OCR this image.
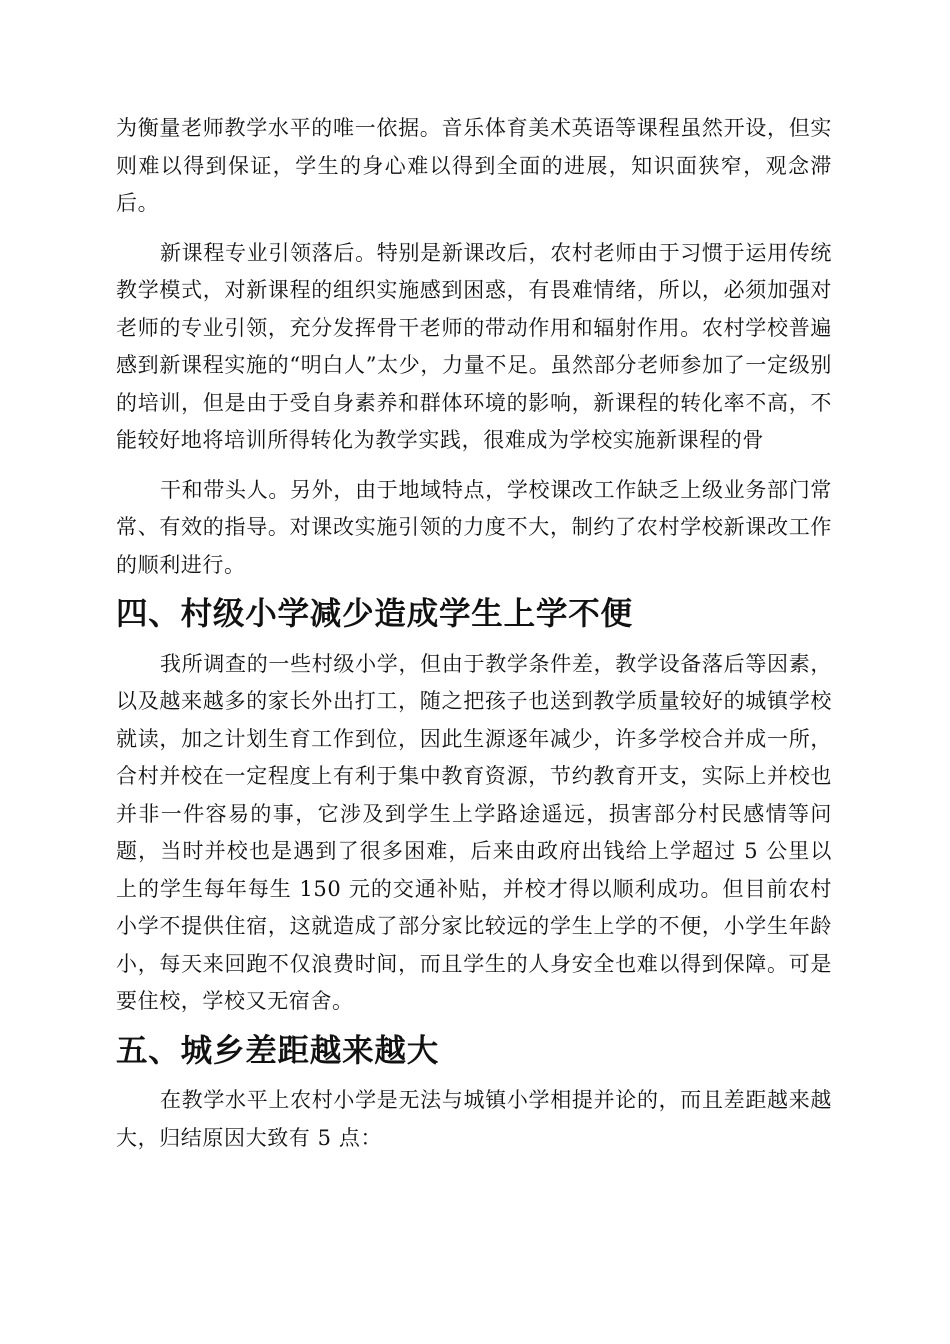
为衡量老师教学水平的唯一依据。音乐体育美术英语等课程虽然开设，但实则难以得到保证，学生的身心难以得到全面的进展，知识面狭窄，观念滞后。

新课程专业引领落后。特别是新课改后，农村老师由于习惯于运用传统教学模式，对新课程的组织实施感到困惑，有畏难情绪，所以，必须加强对老师的专业引领，充分发挥骨干老师的带动作用和辐射作用。农村学校普遍感到新课程实施的“明白人”太少，力量不足。虽然部分老师参加了一定级别的培训，但是由于受自身素养和群体环境的影响，新课程的转化率不高，不能较好地将培训所得转化为教学实践，很难成为学校实施新课程的骨

干和带头人。另外，由于地域特点，学校课改工作缺乏上级业务部门常常、有效的指导。对课改实施引领的力度不大，制约了农村学校新课改工作的顺利进行。

四、村级小学减少造成学生上学不便

我所调查的一些村级小学，但由于教学条件差，教学设备落后等因素，以及越来越多的家长外出打工，随之把孩子也送到教学质量较好的城镇学校就读，加之计划生育工作到位，因此生源逐年减少，许多学校合并成一所，合村并校在一定程度上有利于集中教育资源，节约教育开支，实际上并校也并非一件容易的事，它涉及到学生上学路途遥远，损害部分村民感情等问题，当时并校也是遇到了很多困难，后来由政府出钱给上学超过 5 公里以上的学生每年每生 150 元的交通补贴，并校才得以顺利成功。但目前农村小学不提供住宿，这就造成了部分家比较远的学生上学的不便，小学生年龄小，每天来回跑不仅浪费时间，而且学生的人身安全也难以得到保障。可是要住校，学校又无宿舍。

五、城乡差距越来越大

在教学水平上农村小学是无法与城镇小学相提并论的，而且差距越来越大，归结原因大致有 5 点：
